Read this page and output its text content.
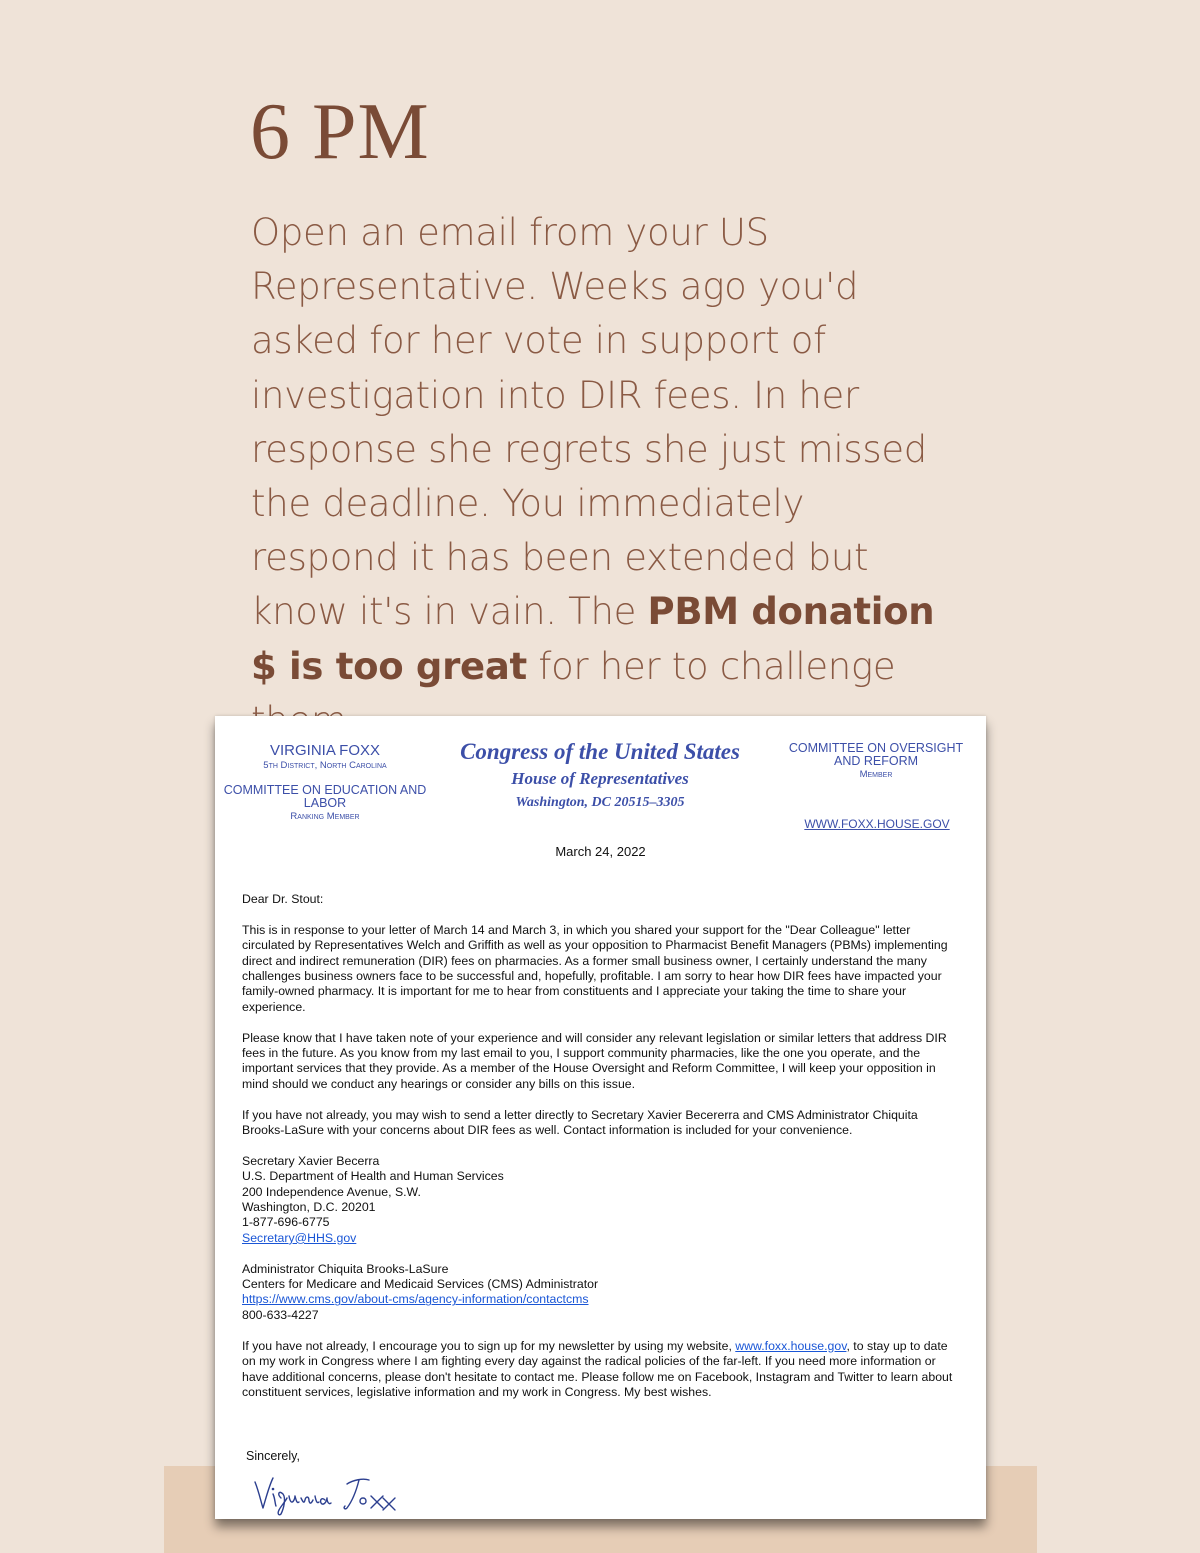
6 PM

Open an email from your US Representative. Weeks ago you'd asked for her vote in support of investigation into DIR fees. In her response she regrets she just missed the deadline. You immediately respond it has been extended but know it's in vain. The PBM donation $ is too great for her to challenge

VIRGINIA FOXX
5th District, North Carolina
COMMITTEE ON EDUCATION AND LABOR
Ranking Member
Congress of the United States
House of Representatives
Washington, DC 20515–3305
COMMITTEE ON OVERSIGHT AND REFORM
Member
WWW.FOXX.HOUSE.GOV
March 24, 2022

Dear Dr. Stout:

This is in response to your letter of March 14 and March 3, in which you shared your support for the "Dear Colleague" letter circulated by Representatives Welch and Griffith as well as your opposition to Pharmacist Benefit Managers (PBMs) implementing direct and indirect remuneration (DIR) fees on pharmacies. As a former small business owner, I certainly understand the many challenges business owners face to be successful and, hopefully, profitable. I am sorry to hear how DIR fees have impacted your family-owned pharmacy. It is important for me to hear from constituents and I appreciate your taking the time to share your experience.

Please know that I have taken note of your experience and will consider any relevant legislation or similar letters that address DIR fees in the future. As you know from my last email to you, I support community pharmacies, like the one you operate, and the important services that they provide. As a member of the House Oversight and Reform Committee, I will keep your opposition in mind should we conduct any hearings or consider any bills on this issue.

If you have not already, you may wish to send a letter directly to Secretary Xavier Becererra and CMS Administrator Chiquita Brooks-LaSure with your concerns about DIR fees as well. Contact information is included for your convenience.

Secretary Xavier Becerra
U.S. Department of Health and Human Services
200 Independence Avenue, S.W.
Washington, D.C. 20201
1-877-696-6775
Secretary@HHS.gov

Administrator Chiquita Brooks-LaSure
Centers for Medicare and Medicaid Services (CMS) Administrator
https://www.cms.gov/about-cms/agency-information/contactcms
800-633-4227

If you have not already, I encourage you to sign up for my newsletter by using my website, www.foxx.house.gov, to stay up to date on my work in Congress where I am fighting every day against the radical policies of the far-left. If you need more information or have additional concerns, please don't hesitate to contact me. Please follow me on Facebook, Instagram and Twitter to learn about constituent services, legislative information and my work in Congress. My best wishes.

Sincerely,
